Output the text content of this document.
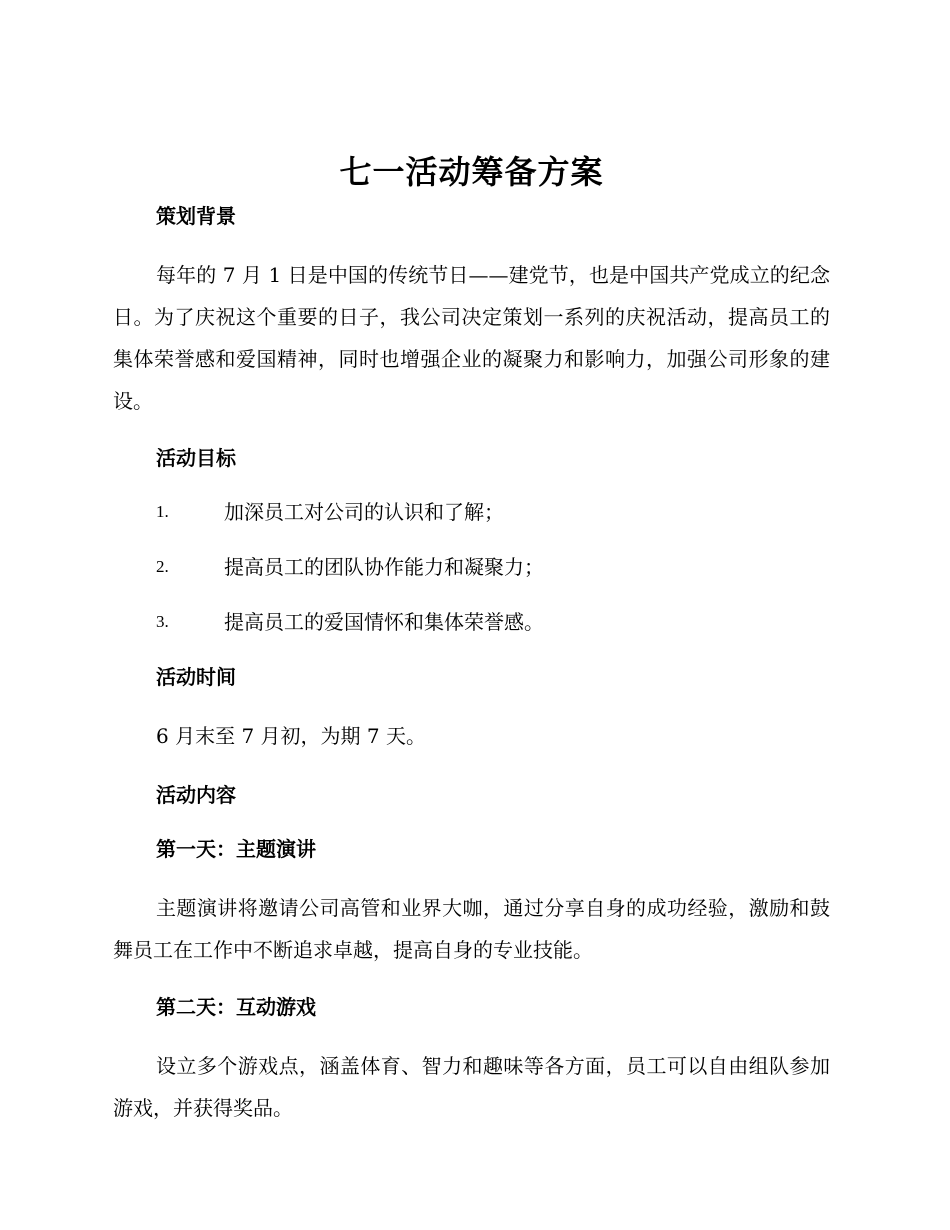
七一活动筹备方案
策划背景

每年的 7 月 1 日是中国的传统节日——建党节，也是中国共产党成立的纪念日。为了庆祝这个重要的日子，我公司决定策划一系列的庆祝活动，提高员工的集体荣誉感和爱国精神，同时也增强企业的凝聚力和影响力，加强公司形象的建设。

活动目标
1.	加深员工对公司的认识和了解；
2.	提高员工的团队协作能力和凝聚力；
3.	提高员工的爱国情怀和集体荣誉感。
活动时间

6 月末至 7 月初，为期 7 天。

活动内容
第一天：主题演讲

主题演讲将邀请公司高管和业界大咖，通过分享自身的成功经验，激励和鼓舞员工在工作中不断追求卓越，提高自身的专业技能。

第二天：互动游戏

设立多个游戏点，涵盖体育、智力和趣味等各方面，员工可以自由组队参加游戏，并获得奖品。
